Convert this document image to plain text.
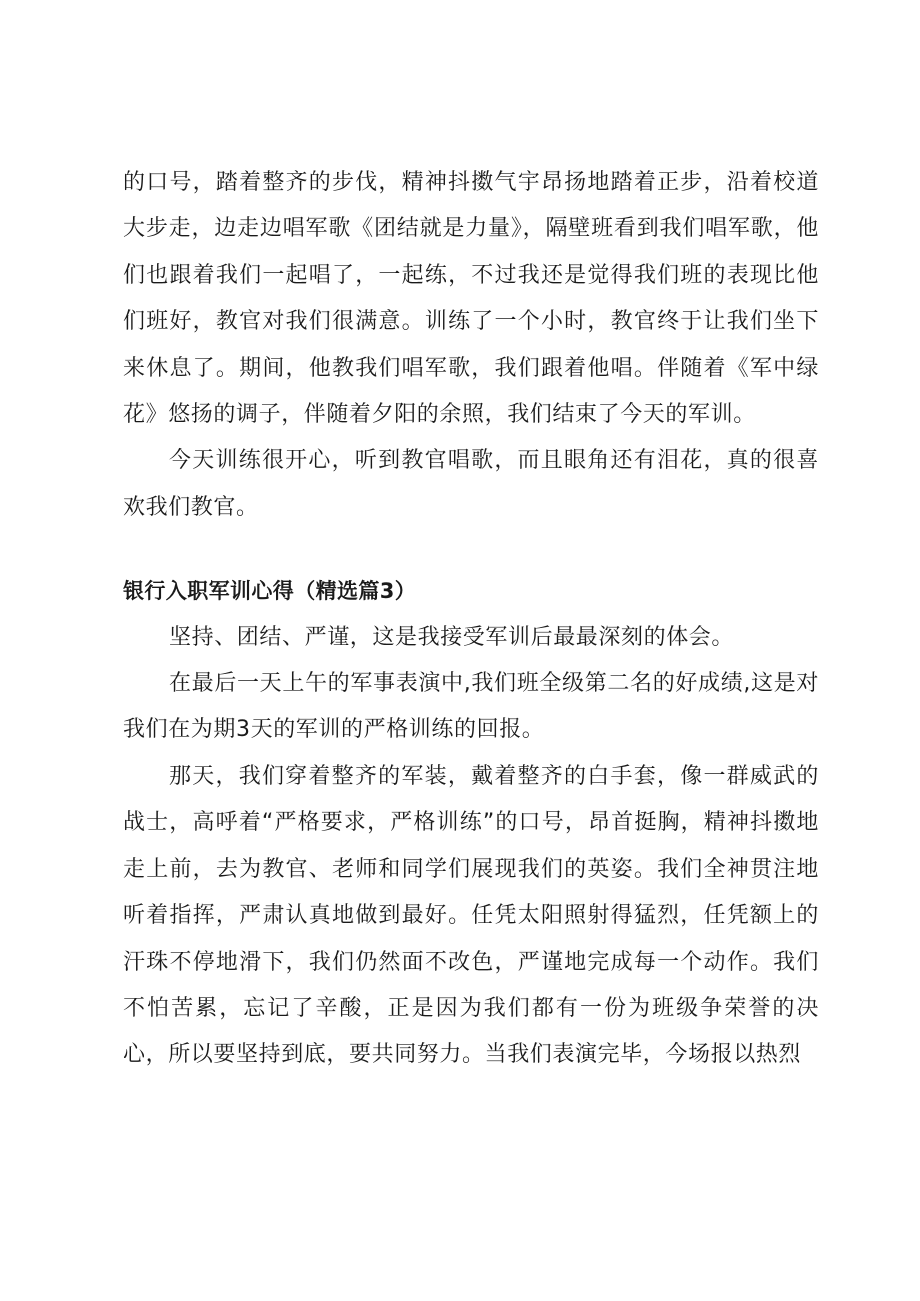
的口号，踏着整齐的步伐，精神抖擞气宇昂扬地踏着正步，沿着校道大步走，边走边唱军歌《团结就是力量》，隔壁班看到我们唱军歌，他们也跟着我们一起唱了，一起练，不过我还是觉得我们班的表现比他们班好，教官对我们很满意。训练了一个小时，教官终于让我们坐下来休息了。期间，他教我们唱军歌，我们跟着他唱。伴随着《军中绿花》悠扬的调子，伴随着夕阳的余照，我们结束了今天的军训。

今天训练很开心，听到教官唱歌，而且眼角还有泪花，真的很喜欢我们教官。

银行入职军训心得（精选篇3）

坚持、团结、严谨，这是我接受军训后最最深刻的体会。

在最后一天上午的军事表演中,我们班全级第二名的好成绩,这是对我们在为期3天的军训的严格训练的回报。

那天，我们穿着整齐的军装，戴着整齐的白手套，像一群威武的战士，高呼着“严格要求，严格训练”的口号，昂首挺胸，精神抖擞地走上前，去为教官、老师和同学们展现我们的英姿。我们全神贯注地听着指挥，严肃认真地做到最好。任凭太阳照射得猛烈，任凭额上的汗珠不停地滑下，我们仍然面不改色，严谨地完成每一个动作。我们不怕苦累，忘记了辛酸，正是因为我们都有一份为班级争荣誉的决心，所以要坚持到底，要共同努力。当我们表演完毕，今场报以热烈
